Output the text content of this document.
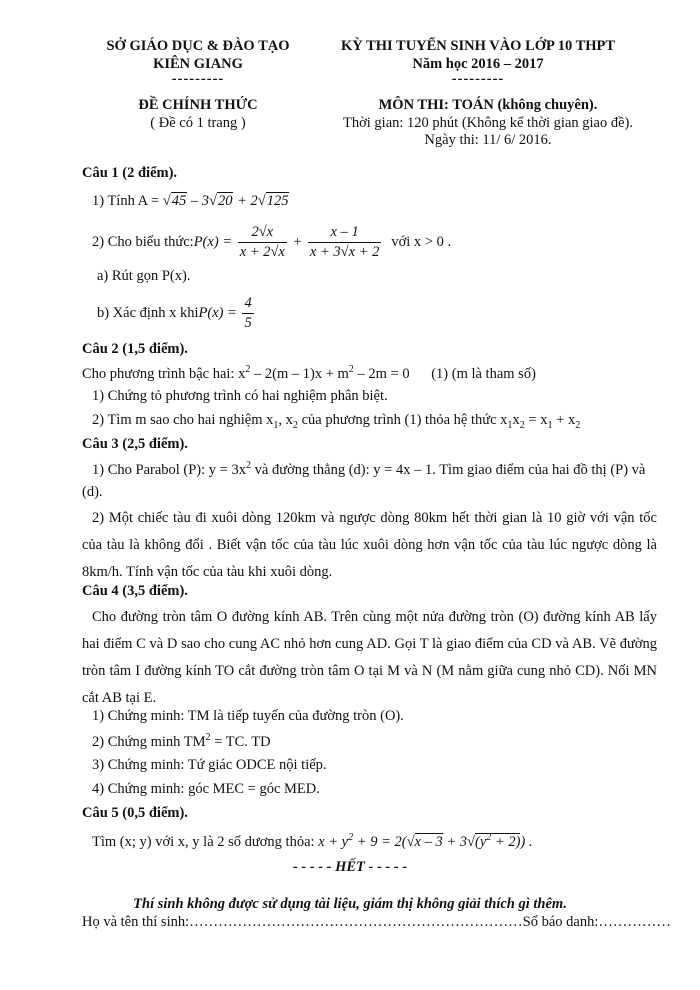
SỞ GIÁO DỤC & ĐÀO TẠO
KIÊN GIANG
---------
KỲ THI TUYỂN SINH VÀO LỚP 10 THPT
Năm học 2016 – 2017
---------
ĐỀ CHÍNH THỨC
( Đề có 1 trang )
MÔN THI: TOÁN (không chuyên).
Thời gian: 120 phút (Không kể thời gian giao đề).
Ngày thi: 11/ 6/ 2016.
Câu 1 (2 điểm).
1) Tính A = √45 – 3√20 + 2√125
2) Cho biểu thức: $P(x) = \frac{2√x}{x + 2√x} + \frac{x - 1}{x + 3√x + 2}$ với x > 0 .
a) Rút gọn P(x).
b) Xác định x khi $P(x) = \frac{4}{5}$
Câu 2 (1,5 điểm).
Cho phương trình bậc hai: $x^2 - 2(m - 1)x + m^2 - 2m = 0$ (1) (m là tham số)
1) Chứng tỏ phương trình có hai nghiệm phân biệt.
2) Tìm m sao cho hai nghiệm $x_1$, $x_2$ của phương trình (1) thỏa hệ thức $x_1x_2 = x_1 + x_2$
Câu 3 (2,5 điểm).
1) Cho Parabol (P): $y = 3x^2$ và đường thẳng (d): y = 4x – 1. Tìm giao điểm của hai đồ thị (P) và
(d).
2) Một chiếc tàu đi xuôi dòng 120km và ngược dòng 80km hết thời gian là 10 giờ với vận tốc của tàu là không đổi . Biết vận tốc của tàu lúc xuôi dòng hơn vận tốc của tàu lúc ngược dòng là 8km/h. Tính vận tốc của tàu khi xuôi dòng.
Câu 4 (3,5 điểm).
Cho đường tròn tâm O đường kính AB. Trên cùng một nửa đường tròn (O) đường kính AB lấy hai điểm C và D sao cho cung AC nhỏ hơn cung AD. Gọi T là giao điểm của CD và AB. Vẽ đường tròn tâm I đường kính TO cắt đường tròn tâm O tại M và N (M nằm giữa cung nhỏ CD). Nối MN cắt AB tại E.
1) Chứng minh: TM là tiếp tuyến của đường tròn (O).
2) Chứng minh $TM^2$ = TC. TD
3) Chứng minh: Tứ giác ODCE nội tiếp.
4) Chứng minh: góc MEC = góc MED.
Câu 5 (0,5 điểm).
Tìm (x; y) với x, y là 2 số dương thỏa: $x + y^2 + 9 = 2(√x - 3 + 3√(y^2 + 2))$ .
- - - - - HẾT - - - - -
Thí sinh không được sử dụng tài liệu, giám thị không giải thích gì thêm.
Họ và tên thí sinh:……………………………………………………………Số báo danh:……………
